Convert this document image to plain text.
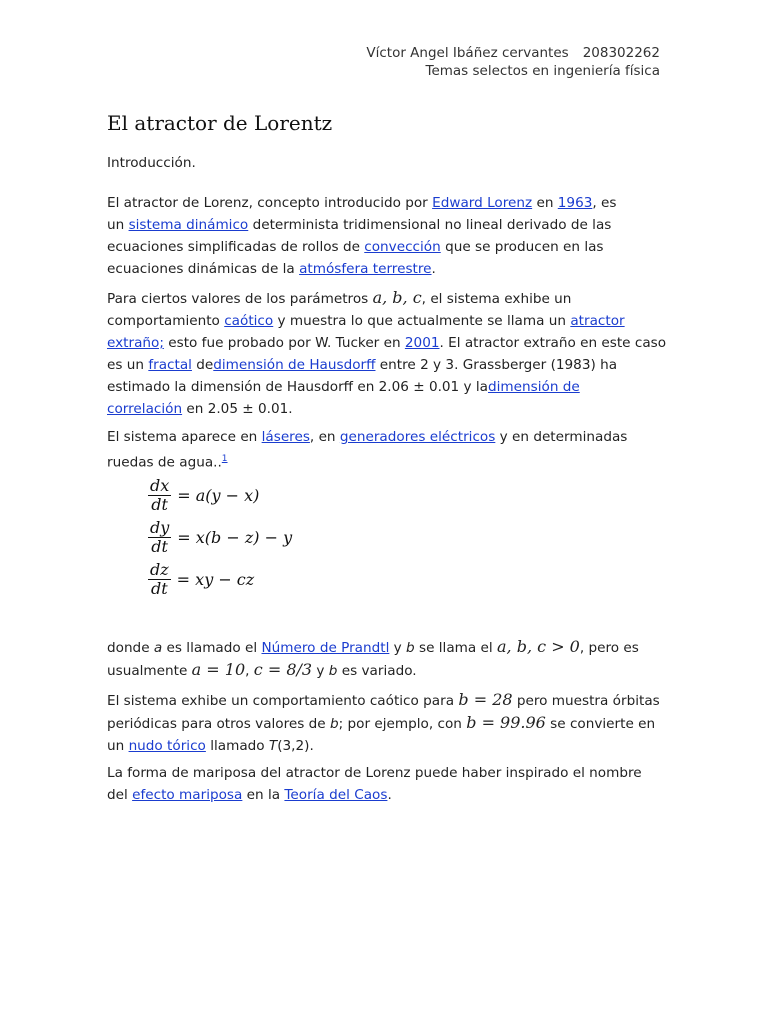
Víctor Angel Ibáñez cervantes 208302262
Temas selectos en ingeniería física
El atractor de Lorentz

Introducción.

El atractor de Lorenz, concepto introducido por Edward Lorenz en 1963, es
un sistema dinámico determinista tridimensional no lineal derivado de las
ecuaciones simplificadas de rollos de convección que se producen en las
ecuaciones dinámicas de la atmósfera terrestre.

Para ciertos valores de los parámetros a, b, c, el sistema exhibe un
comportamiento caótico y muestra lo que actualmente se llama un atractor
extraño; esto fue probado por W. Tucker en 2001. El atractor extraño en este caso
es un fractal dedimensión de Hausdorff entre 2 y 3. Grassberger (1983) ha
estimado la dimensión de Hausdorff en 2.06 ± 0.01 y ladimensión de
correlación en 2.05 ± 0.01.

El sistema aparece en láseres, en generadores eléctricos y en determinadas
ruedas de agua..$^1$

$\frac{dx}{dt} = a(y - x)$
$\frac{dy}{dt} = x(b - z) - y$
$\frac{dz}{dt}$ = xy − cz

donde a es llamado el Número de Prandtl y b se llama el a, b, c > 0, pero es
usualmente a = 10, c = 8/3 y b es variado.

El sistema exhibe un comportamiento caótico para b = 28 pero muestra órbitas
periódicas para otros valores de b; por ejemplo, con b = 99.96 se convierte en
un nudo tórico llamado T(3,2).

La forma de mariposa del atractor de Lorenz puede haber inspirado el nombre
del efecto mariposa en la Teoría del Caos.
